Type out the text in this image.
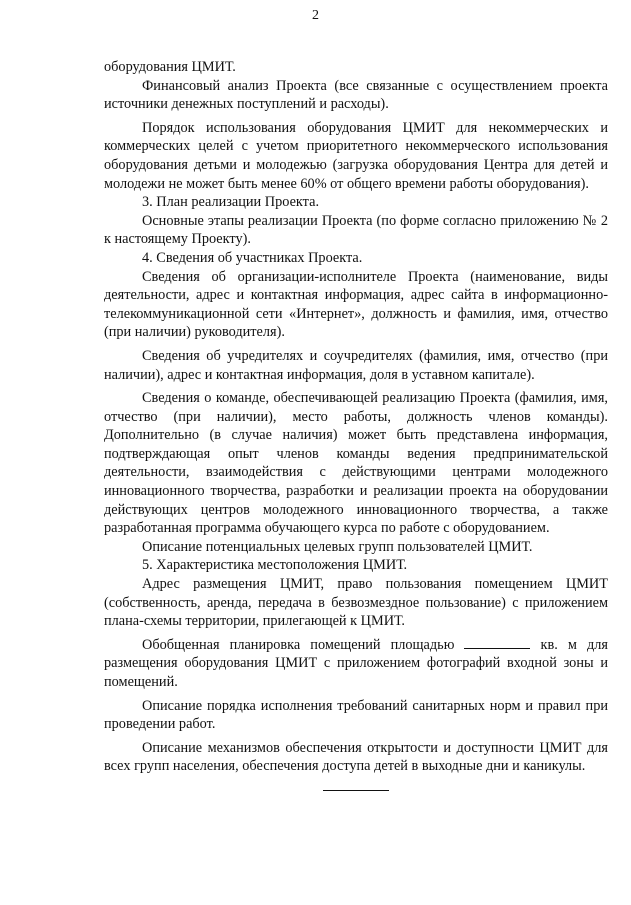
2

оборудования ЦМИТ.

Финансовый анализ Проекта (все связанные с осуществлением проекта источники денежных поступлений и расходы).

Порядок использования оборудования ЦМИТ для некоммерческих и коммерческих целей с учетом приоритетного некоммерческого использования оборудования детьми и молодежью (загрузка оборудования Центра для детей и молодежи не может быть менее 60% от общего времени работы оборудования).

3. План реализации Проекта.

Основные этапы реализации Проекта (по форме согласно приложению № 2 к настоящему Проекту).

4. Сведения об участниках Проекта.

Сведения об организации-исполнителе Проекта (наименование, виды деятельности, адрес и контактная информация, адрес сайта в информационно-телекоммуникационной сети «Интернет», должность и фамилия, имя, отчество (при наличии) руководителя).

Сведения об учредителях и соучредителях (фамилия, имя, отчество (при наличии), адрес и контактная информация, доля в уставном капитале).

Сведения о команде, обеспечивающей реализацию Проекта (фамилия, имя, отчество (при наличии), место работы, должность членов команды). Дополнительно (в случае наличия) может быть представлена информация, подтверждающая опыт членов команды ведения предпринимательской деятельности, взаимодействия с действующими центрами молодежного инновационного творчества, разработки и реализации проекта на оборудовании действующих центров молодежного инновационного творчества, а также разработанная программа обучающего курса по работе с оборудованием.

Описание потенциальных целевых групп пользователей ЦМИТ.

5. Характеристика местоположения ЦМИТ.

Адрес размещения ЦМИТ, право пользования помещением ЦМИТ (собственность, аренда, передача в безвозмездное пользование) с приложением плана-схемы территории, прилегающей к ЦМИТ.

Обобщенная планировка помещений площадью	кв. м для размещения оборудования ЦМИТ с приложением фотографий входной зоны и помещений.

Описание порядка исполнения требований санитарных норм и правил при проведении работ.

Описание механизмов обеспечения открытости и доступности ЦМИТ для всех групп населения, обеспечения доступа детей в выходные дни и каникулы.
